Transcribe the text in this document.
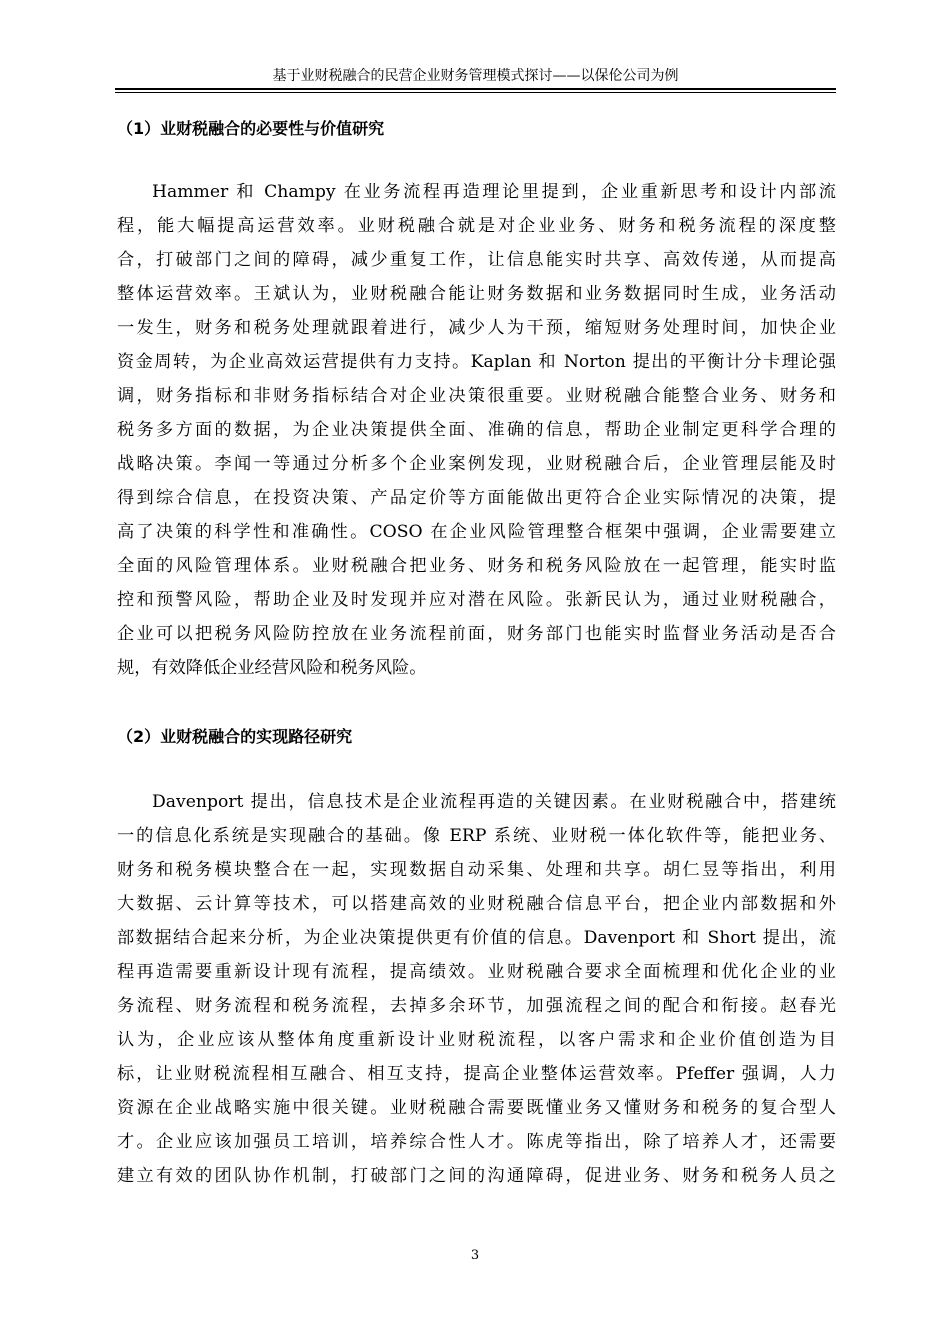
基于业财税融合的民营企业财务管理模式探讨——以保伦公司为例
（1）业财税融合的必要性与价值研究
Hammer 和 Champy 在业务流程再造理论里提到，企业重新思考和设计内部流
程，能大幅提高运营效率。业财税融合就是对企业业务、财务和税务流程的深度整
合，打破部门之间的障碍，减少重复工作，让信息能实时共享、高效传递，从而提高
整体运营效率。王斌认为，业财税融合能让财务数据和业务数据同时生成，业务活动
一发生，财务和税务处理就跟着进行，减少人为干预，缩短财务处理时间，加快企业
资金周转，为企业高效运营提供有力支持。Kaplan 和 Norton 提出的平衡计分卡理论强
调，财务指标和非财务指标结合对企业决策很重要。业财税融合能整合业务、财务和
税务多方面的数据，为企业决策提供全面、准确的信息，帮助企业制定更科学合理的
战略决策。李闻一等通过分析多个企业案例发现，业财税融合后，企业管理层能及时
得到综合信息，在投资决策、产品定价等方面能做出更符合企业实际情况的决策，提
高了决策的科学性和准确性。COSO 在企业风险管理整合框架中强调，企业需要建立
全面的风险管理体系。业财税融合把业务、财务和税务风险放在一起管理，能实时监
控和预警风险，帮助企业及时发现并应对潜在风险。张新民认为，通过业财税融合，
企业可以把税务风险防控放在业务流程前面，财务部门也能实时监督业务活动是否合
规，有效降低企业经营风险和税务风险。
（2）业财税融合的实现路径研究
Davenport 提出，信息技术是企业流程再造的关键因素。在业财税融合中，搭建统
一的信息化系统是实现融合的基础。像 ERP 系统、业财税一体化软件等，能把业务、
财务和税务模块整合在一起，实现数据自动采集、处理和共享。胡仁昱等指出，利用
大数据、云计算等技术，可以搭建高效的业财税融合信息平台，把企业内部数据和外
部数据结合起来分析，为企业决策提供更有价值的信息。Davenport 和 Short 提出，流
程再造需要重新设计现有流程，提高绩效。业财税融合要求全面梳理和优化企业的业
务流程、财务流程和税务流程，去掉多余环节，加强流程之间的配合和衔接。赵春光
认为，企业应该从整体角度重新设计业财税流程，以客户需求和企业价值创造为目
标，让业财税流程相互融合、相互支持，提高企业整体运营效率。Pfeffer 强调，人力
资源在企业战略实施中很关键。业财税融合需要既懂业务又懂财务和税务的复合型人
才。企业应该加强员工培训，培养综合性人才。陈虎等指出，除了培养人才，还需要
建立有效的团队协作机制，打破部门之间的沟通障碍，促进业务、财务和税务人员之
3
